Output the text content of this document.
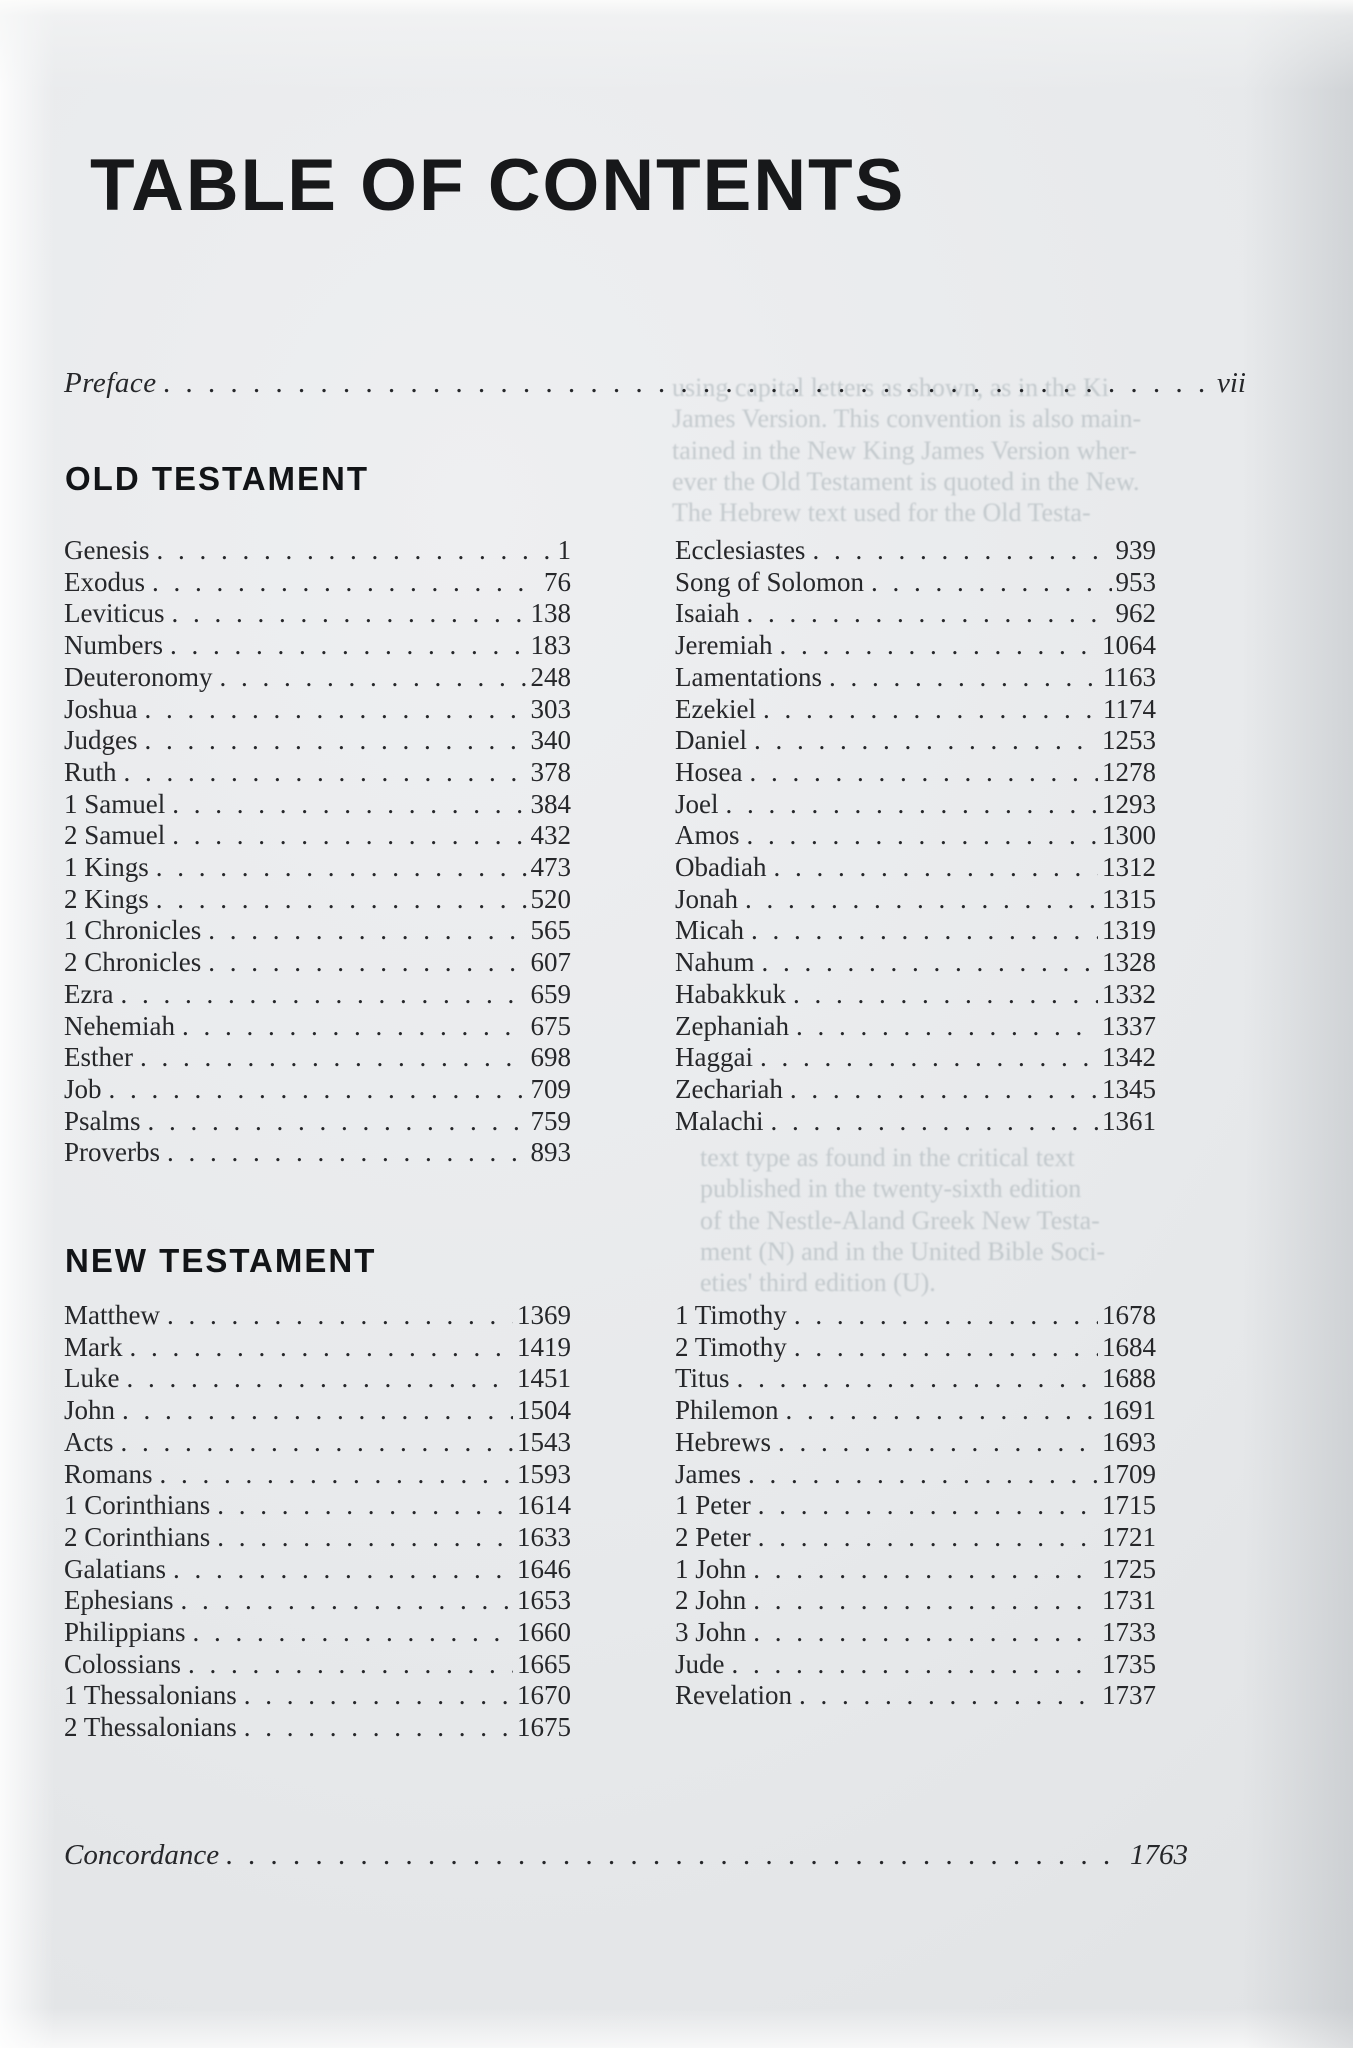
using capital letters as shown, as in the Ki
James Version. This convention is also main-
tained in the New King James Version wher-
ever the Old Testament is quoted in the New.
The Hebrew text used for the Old Testa-
text type as found in the critical text
published in the twenty-sixth edition
of the Nestle-Aland Greek New Testa-
ment (N) and in the United Bible Soci-
eties' third edition (U).
TABLE OF CONTENTS
Preface . . .	vii
OLD TESTAMENT
Genesis . . .	1
Exodus . . .	76
Leviticus . . .	138
Numbers . . .	183
Deuteronomy . . .	248
Joshua . . .	303
Judges . . .	340
Ruth . . .	378
1 Samuel . . .	384
2 Samuel . . .	432
1 Kings . . .	473
2 Kings . . .	520
1 Chronicles . . .	565
2 Chronicles . . .	607
Ezra . . .	659
Nehemiah . . .	675
Esther . . .	698
Job . . .	709
Psalms . . .	759
Proverbs . . .	893
Ecclesiastes . . .	939
Song of Solomon . . .	953
Isaiah . . .	962
Jeremiah . . .	1064
Lamentations . . .	1163
Ezekiel . . .	1174
Daniel . . .	1253
Hosea . . .	1278
Joel . . .	1293
Amos . . .	1300
Obadiah . . .	1312
Jonah . . .	1315
Micah . . .	1319
Nahum . . .	1328
Habakkuk . . .	1332
Zephaniah . . .	1337
Haggai . . .	1342
Zechariah . . .	1345
Malachi . . .	1361
NEW TESTAMENT
Matthew . . .	1369
Mark . . .	1419
Luke . . .	1451
John . . .	1504
Acts . . .	1543
Romans . . .	1593
1 Corinthians . . .	1614
2 Corinthians . . .	1633
Galatians . . .	1646
Ephesians . . .	1653
Philippians . . .	1660
Colossians . . .	1665
1 Thessalonians . . .	1670
2 Thessalonians . . .	1675
1 Timothy . . .	1678
2 Timothy . . .	1684
Titus . . .	1688
Philemon . . .	1691
Hebrews . . .	1693
James . . .	1709
1 Peter . . .	1715
2 Peter . . .	1721
1 John . . .	1725
2 John . . .	1731
3 John . . .	1733
Jude . . .	1735
Revelation . . .	1737
Concordance . . .	1763
